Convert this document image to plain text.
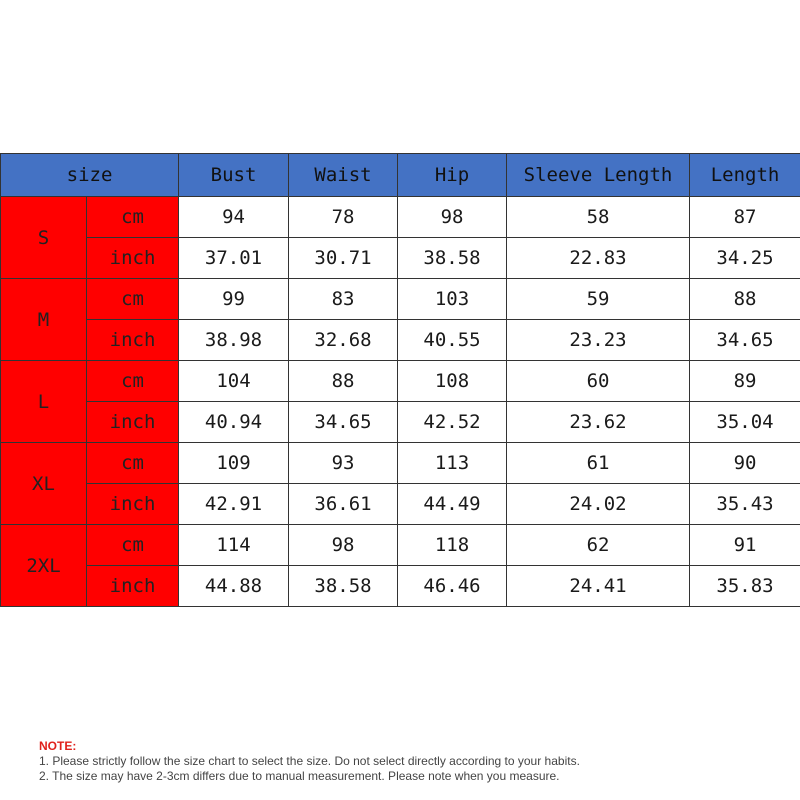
size		Bust	Waist	Hip	Sleeve Length	Length
S	cm	94	78	98	58	87
	inch	37.01	30.71	38.58	22.83	34.25
M	cm	99	83	103	59	88
	inch	38.98	32.68	40.55	23.23	34.65
L	cm	104	88	108	60	89
	inch	40.94	34.65	42.52	23.62	35.04
XL	cm	109	93	113	61	90
	inch	42.91	36.61	44.49	24.02	35.43
2XL	cm	114	98	118	62	91
	inch	44.88	38.58	46.46	24.41	35.83
NOTE:
1. Please strictly follow the size chart to select the size. Do not select directly according to your habits.
2. The size may have 2-3cm differs due to manual measurement. Please note when you measure.
